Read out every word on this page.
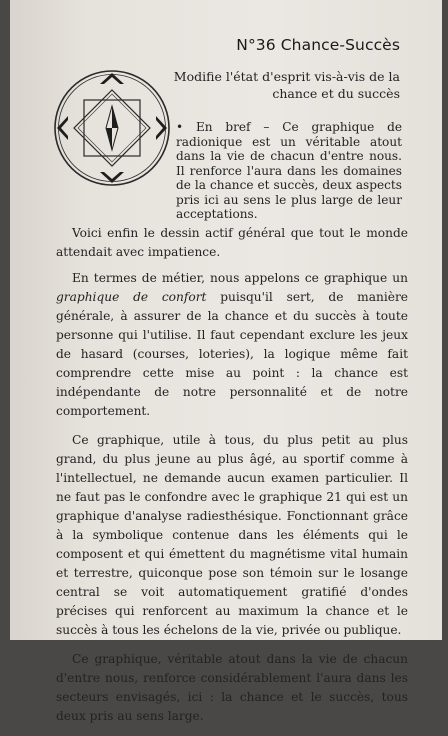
N°36 Chance-Succès
Modifie l'état d'esprit vis-à-vis de la chance et du succès
• En bref – Ce graphique de radionique est un véritable atout dans la vie de chacun d'entre nous. Il renforce l'aura dans les domaines de la chance et succès, deux aspects pris ici au sens le plus large de leur acceptations.

Voici enfin le dessin actif général que tout le monde attendait avec impatience.

En termes de métier, nous appelons ce graphique un graphique de confort puisqu'il sert, de manière générale, à assurer de la chance et du succès à toute personne qui l'utilise. Il faut cependant exclure les jeux de hasard (courses, loteries), la logique même fait comprendre cette mise au point : la chance est indépendante de notre personnalité et de notre comportement.

Ce graphique, utile à tous, du plus petit au plus grand, du plus jeune au plus âgé, au sportif comme à l'intellectuel, ne demande aucun examen particulier. Il ne faut pas le confondre avec le graphique 21 qui est un graphique d'analyse radiesthésique. Fonctionnant grâce à la symbolique contenue dans les éléments qui le composent et qui émettent du magnétisme vital humain et terrestre, quiconque pose son témoin sur le losange central se voit automatiquement gratifié d'ondes précises qui renforcent au maximum la chance et le succès à tous les échelons de la vie, privée ou publique.

Ce graphique, véritable atout dans la vie de chacun d'entre nous, renforce considérablement l'aura dans les secteurs envisagés, ici : la chance et le succès, tous deux pris au sens large.
